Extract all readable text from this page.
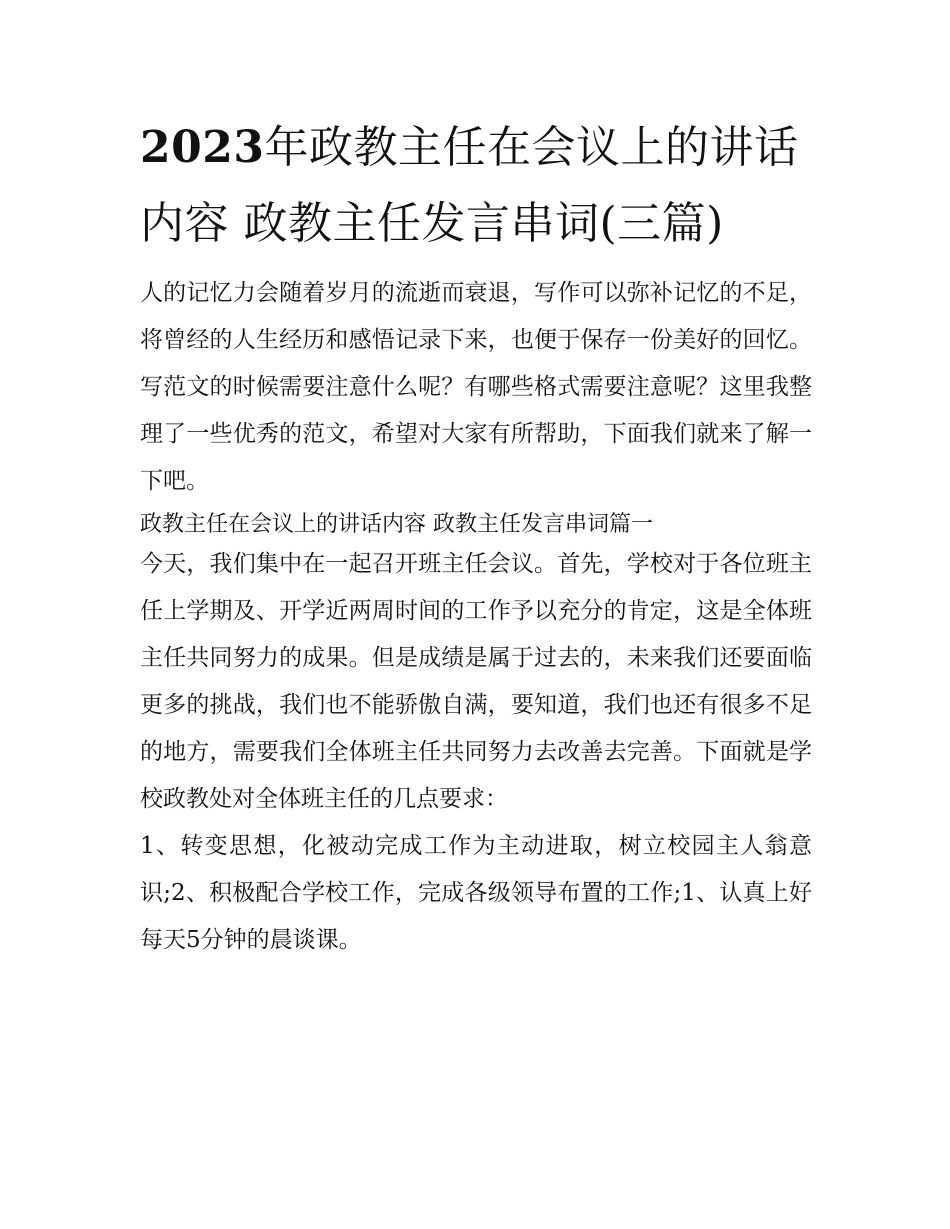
2023年政教主任在会议上的讲话内容 政教主任发言串词(三篇)

人的记忆力会随着岁月的流逝而衰退，写作可以弥补记忆的不足，将曾经的人生经历和感悟记录下来，也便于保存一份美好的回忆。写范文的时候需要注意什么呢？有哪些格式需要注意呢？这里我整理了一些优秀的范文，希望对大家有所帮助，下面我们就来了解一下吧。

政教主任在会议上的讲话内容 政教主任发言串词篇一

今天，我们集中在一起召开班主任会议。首先，学校对于各位班主任上学期及、开学近两周时间的工作予以充分的肯定，这是全体班主任共同努力的成果。但是成绩是属于过去的，未来我们还要面临更多的挑战，我们也不能骄傲自满，要知道，我们也还有很多不足的地方，需要我们全体班主任共同努力去改善去完善。下面就是学校政教处对全体班主任的几点要求：

1、转变思想，化被动完成工作为主动进取，树立校园主人翁意识;2、积极配合学校工作，完成各级领导布置的工作;1、认真上好每天5分钟的晨谈课。
